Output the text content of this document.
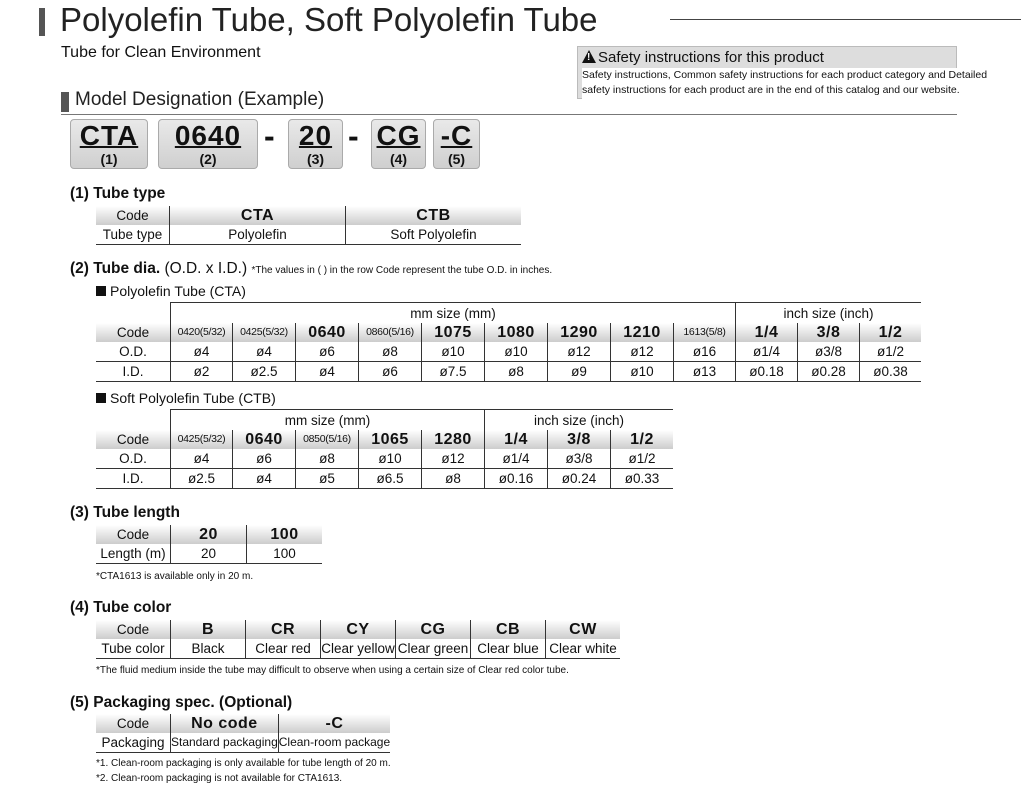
Polyolefin Tube, Soft Polyolefin Tube
Tube for Clean Environment !	Safety instructions for this product
Safety instructions, Common safety instructions for each product category and Detailed
safety instructions for each product are in the end of this catalog and our website.
Model Designation (Example)
CTA
(1)
0640
(2)
- 20
(3)
- CG
(4)
-C
(5)
(1) Tube type
Code	CTA	CTB
Tube type	Polyolefin	Soft Polyolefin
(2) Tube dia. (O.D. x I.D.) *The values in ( ) in the row Code represent the tube O.D. in inches.
Polyolefin Tube (CTA)
	mm size (mm)									inch size (inch)		
Code	0420(5/32)	0425(5/32)	0640	0860(5/16)	1075	1080	1290	1210	1613(5/8)	1/4	3/8	1/2
O.D.	ø4	ø4	ø6	ø8	ø10	ø10	ø12	ø12	ø16	ø1/4	ø3/8	ø1/2
I.D.	ø2	ø2.5	ø4	ø6	ø7.5	ø8	ø9	ø10	ø13	ø0.18	ø0.28	ø0.38
Soft Polyolefin Tube (CTB)
	mm size (mm)					inch size (inch)		
Code	0425(5/32)	0640	0850(5/16)	1065	1280	1/4	3/8	1/2
O.D.	ø4	ø6	ø8	ø10	ø12	ø1/4	ø3/8	ø1/2
I.D.	ø2.5	ø4	ø5	ø6.5	ø8	ø0.16	ø0.24	ø0.33
(3) Tube length
Code	20	100
Length (m)	20	100
*CTA1613 is available only in 20 m.
(4) Tube color
Code	B	CR	CY	CG	CB	CW
Tube color	Black	Clear red	Clear yellow	Clear green	Clear blue	Clear white
*The fluid medium inside the tube may difficult to observe when using a certain size of Clear red color tube.
(5) Packaging spec. (Optional)
Code	No code	-C
Packaging	Standard packaging	Clean-room package
*1. Clean-room packaging is only available for tube length of 20 m.
*2. Clean-room packaging is not available for CTA1613.
